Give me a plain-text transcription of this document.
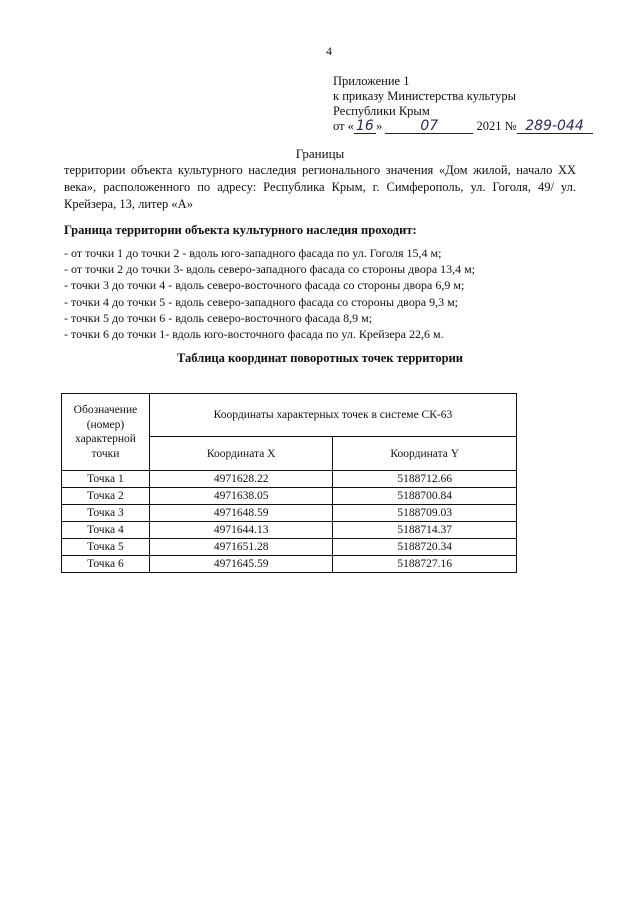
4
Приложение 1
к приказу Министерства культуры
Республики Крым
от « 16 »	07	2021 № 289-044
Границы
территории объекта культурного наследия регионального значения «Дом жилой, начало XX века», расположенного по адресу: Республика Крым, г. Симферополь, ул. Гоголя, 49/ ул. Крейзера, 13, литер «А»
Граница территории объекта культурного наследия проходит:
- от точки 1 до точки 2 - вдоль юго-западного фасада по ул. Гоголя 15,4 м;
- от точки 2 до точки 3- вдоль северо-западного фасада со стороны двора 13,4 м;
- точки 3 до точки 4 - вдоль северо-восточного фасада со стороны двора 6,9 м;
- точки 4 до точки 5 - вдоль северо-западного фасада со стороны двора 9,3 м;
- точки 5 до точки 6 - вдоль северо-восточного фасада 8,9 м;
- точки 6 до точки 1- вдоль юго-восточного фасада по ул. Крейзера 22,6 м.
Таблица координат поворотных точек территории
Обозначение
(номер)
характерной
точки	Координаты характерных точек в системе СК-63	
	Координата X	Координата Y
Точка 1	4971628.22	5188712.66
Точка 2	4971638.05	5188700.84
Точка 3	4971648.59	5188709.03
Точка 4	4971644.13	5188714.37
Точка 5	4971651.28	5188720.34
Точка 6	4971645.59	5188727.16
